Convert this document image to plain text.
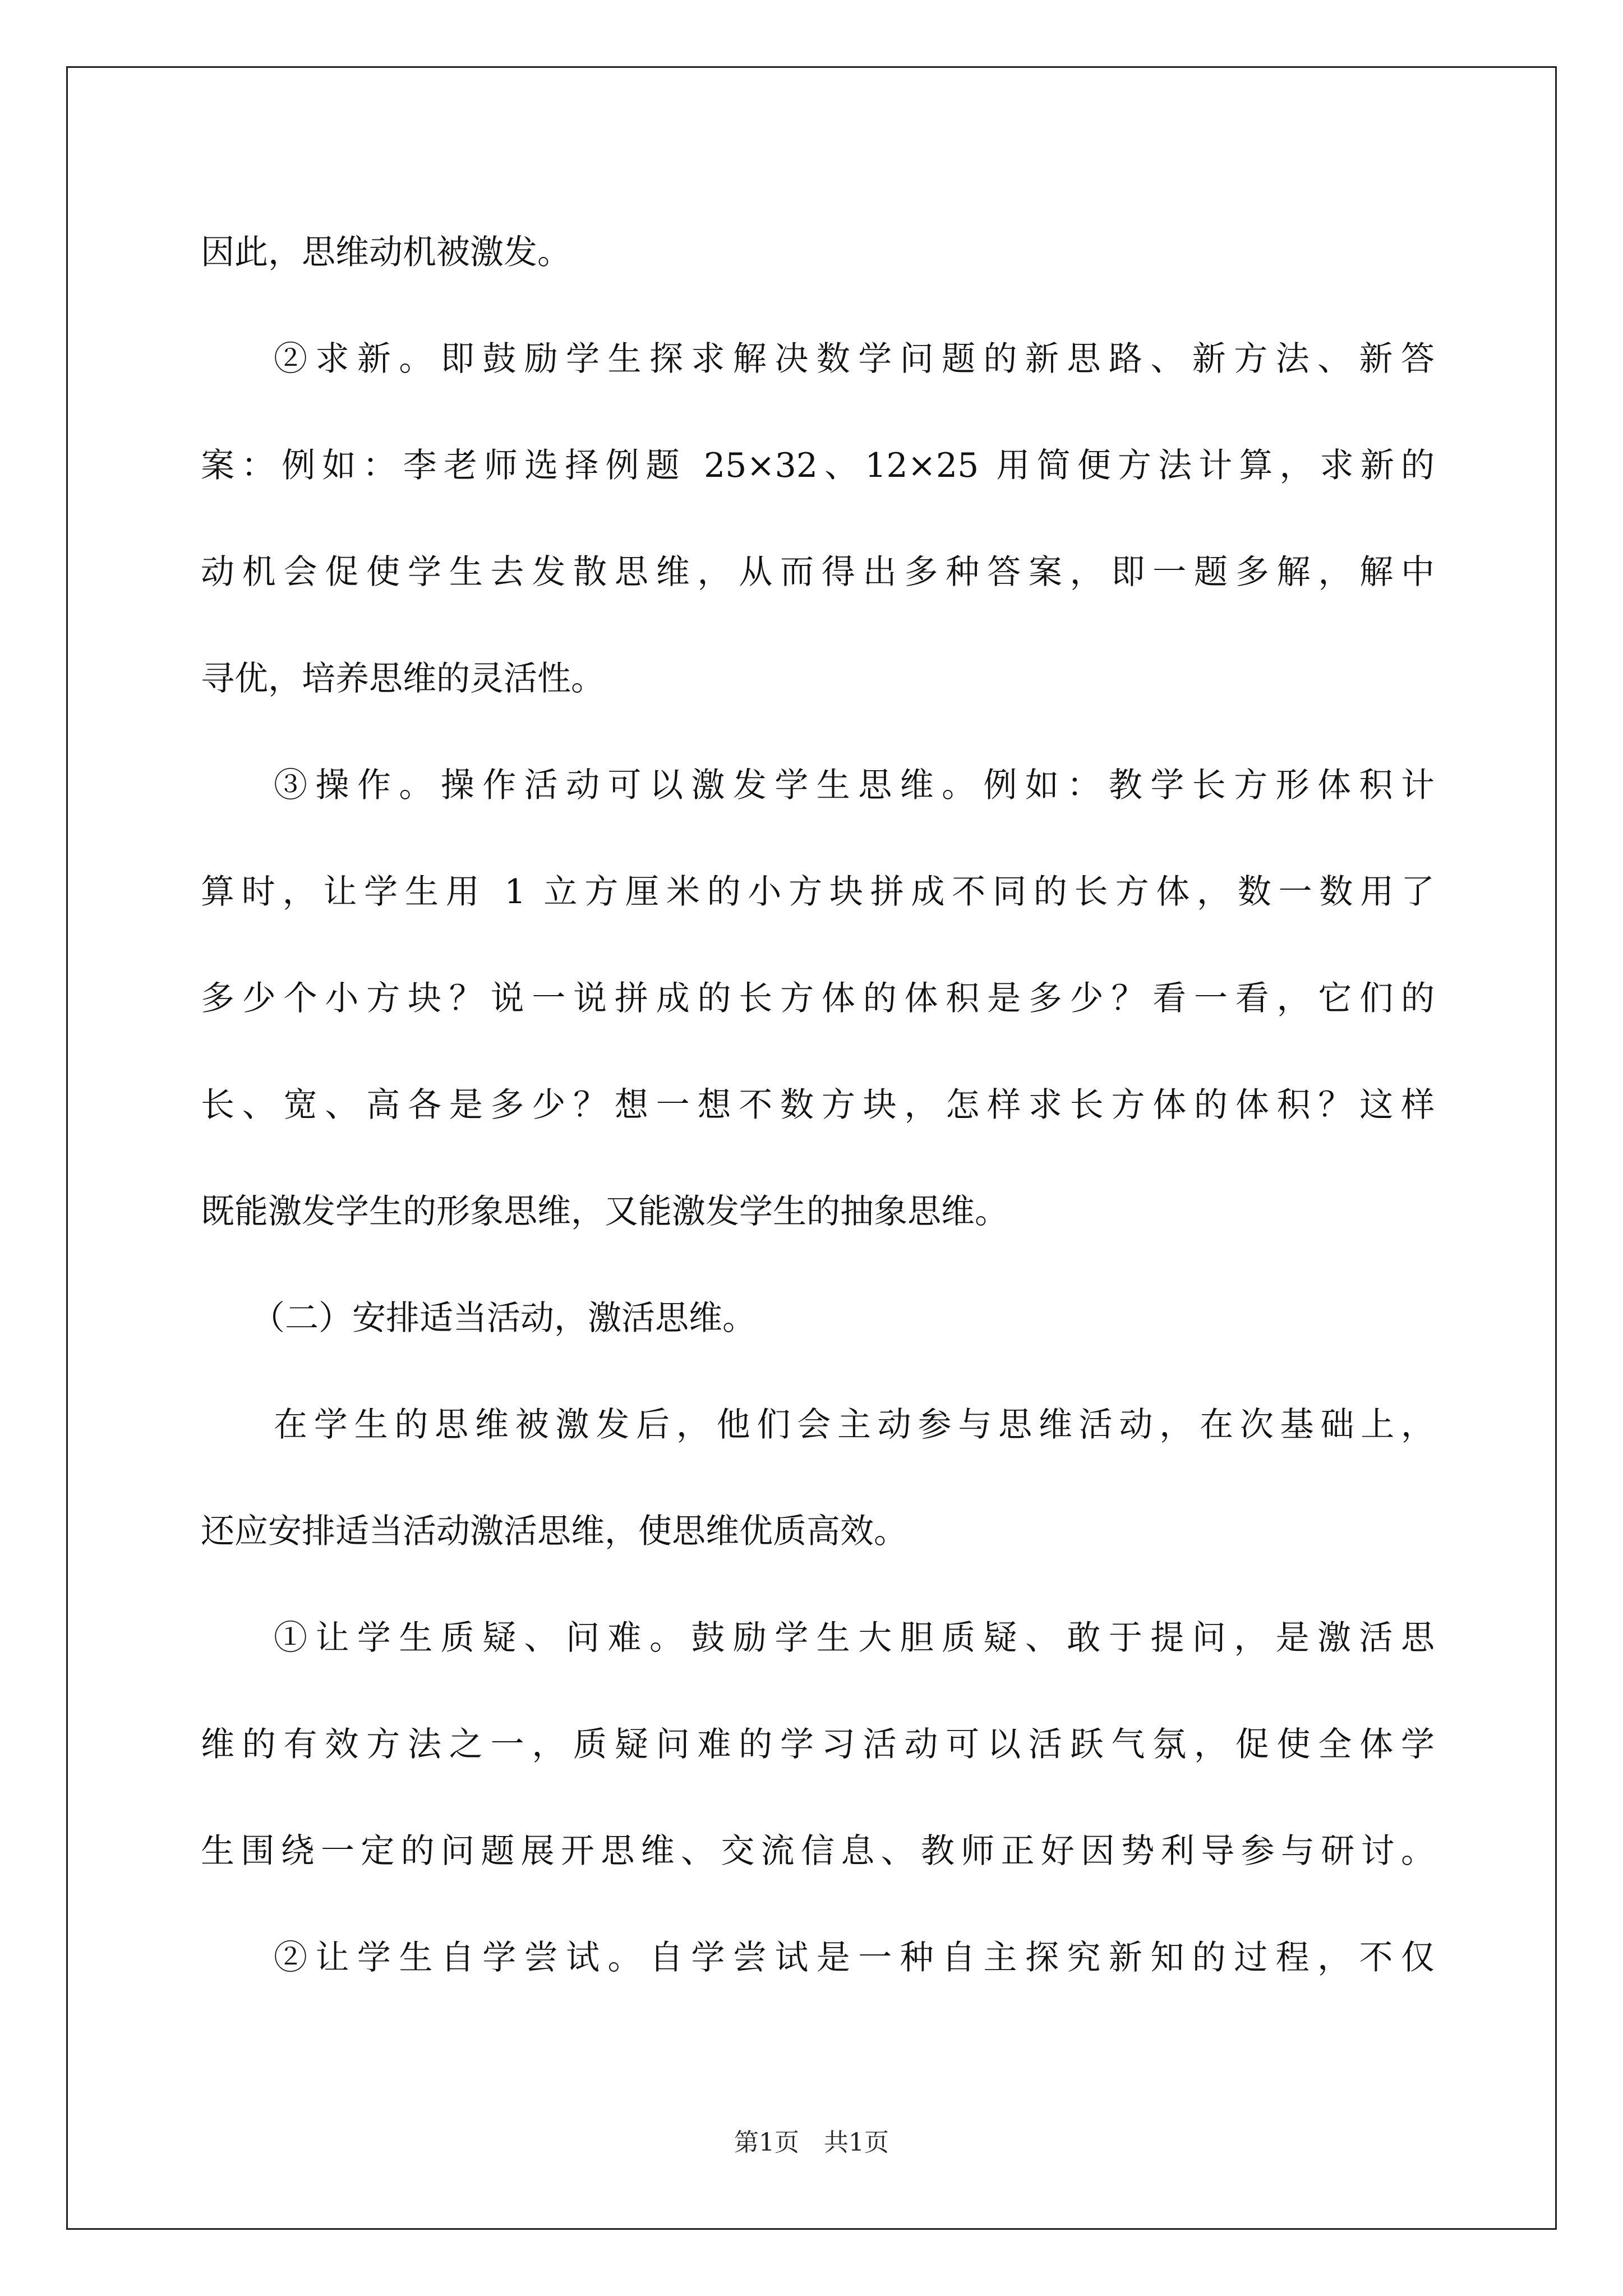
因此，思维动机被激发。
②求新。即鼓励学生探求解决数学问题的新思路、新方法、新答
案：例如：李老师选择例题 25×32、12×25 用简便方法计算，求新的
动机会促使学生去发散思维，从而得出多种答案，即一题多解，解中
寻优，培养思维的灵活性。
③操作。操作活动可以激发学生思维。例如：教学长方形体积计
算时，让学生用 1 立方厘米的小方块拼成不同的长方体，数一数用了
多少个小方块？说一说拼成的长方体的体积是多少？看一看，它们的
长、宽、高各是多少？想一想不数方块，怎样求长方体的体积？这样
既能激发学生的形象思维，又能激发学生的抽象思维。
（二）安排适当活动，激活思维。
在学生的思维被激发后，他们会主动参与思维活动，在次基础上，
还应安排适当活动激活思维，使思维优质高效。
①让学生质疑、问难。鼓励学生大胆质疑、敢于提问，是激活思
维的有效方法之一，质疑问难的学习活动可以活跃气氛，促使全体学
生围绕一定的问题展开思维、交流信息、教师正好因势利导参与研讨。
②让学生自学尝试。自学尝试是一种自主探究新知的过程，不仅
第1页　共1页
